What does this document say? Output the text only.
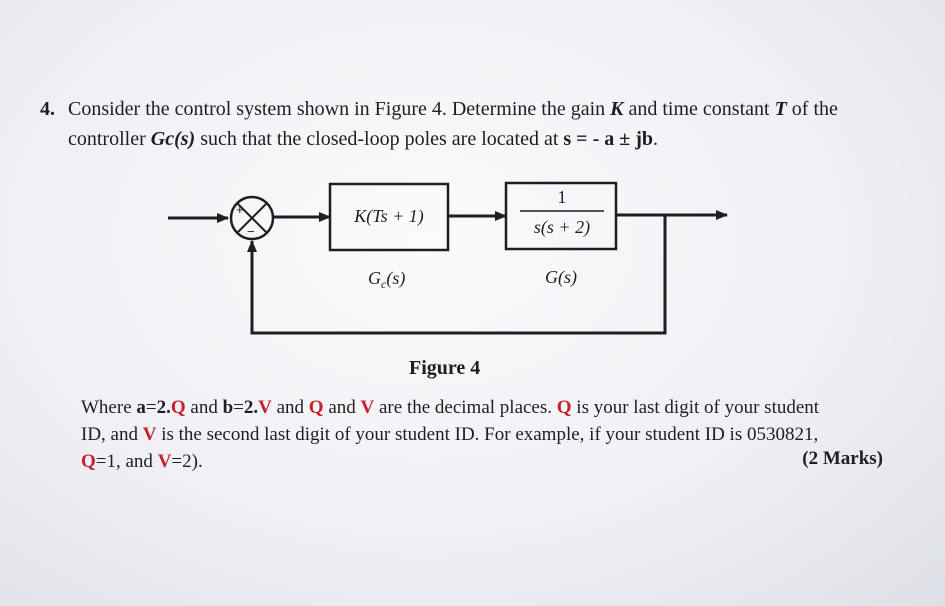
4. Consider the control system shown in Figure 4. Determine the gain K and time constant T of the
controller Gc(s) such that the closed-loop poles are located at s = - a ± jb.
+
−
K(Ts + 1)
1
s(s + 2)
$G_c(s)$	G(s)
Figure 4
Where a=2.Q and b=2.V and Q and V are the decimal places. Q is your last digit of your student
ID, and V is the second last digit of your student ID. For example, if your student ID is 0530821,
Q=1, and V=2).	(2 Marks)
